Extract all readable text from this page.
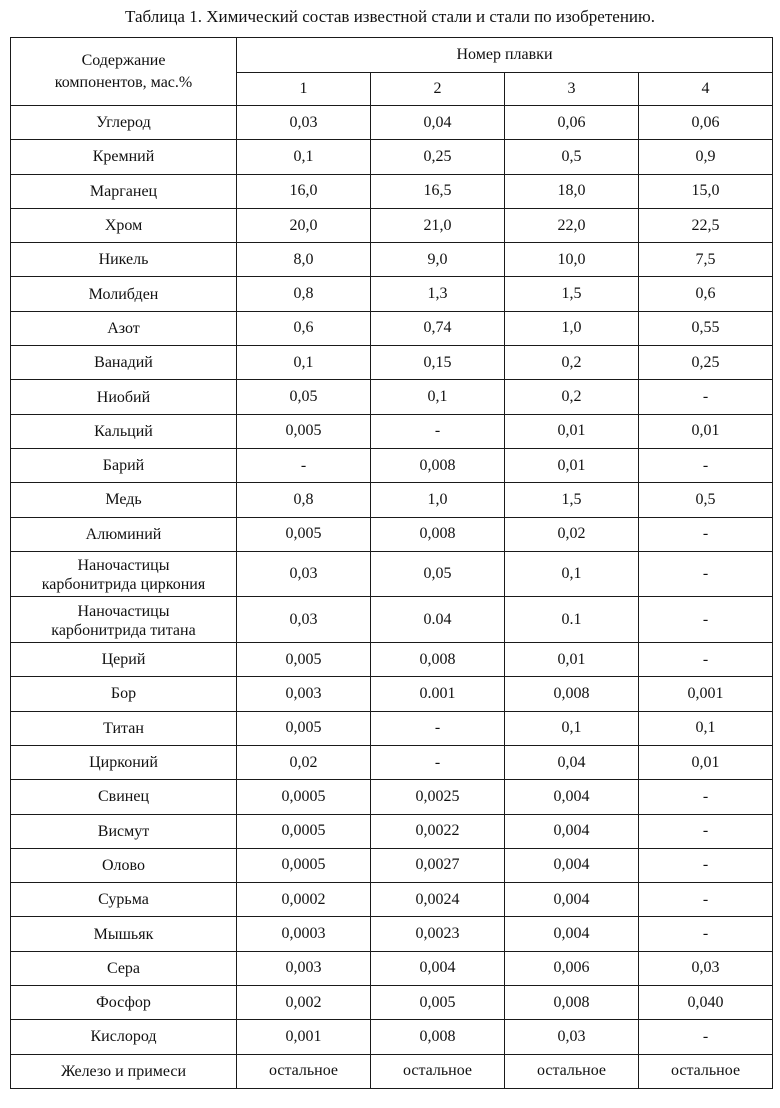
Таблица 1. Химический состав известной стали и стали по изобретению.
Содержание
компонентов, мас.%	Номер плавки			
	1	2	3	4
Углерод	0,03	0,04	0,06	0,06
Кремний	0,1	0,25	0,5	0,9
Марганец	16,0	16,5	18,0	15,0
Хром	20,0	21,0	22,0	22,5
Никель	8,0	9,0	10,0	7,5
Молибден	0,8	1,3	1,5	0,6
Азот	0,6	0,74	1,0	0,55
Ванадий	0,1	0,15	0,2	0,25
Ниобий	0,05	0,1	0,2	-
Кальций	0,005	-	0,01	0,01
Барий	-	0,008	0,01	-
Медь	0,8	1,0	1,5	0,5
Алюминий	0,005	0,008	0,02	-
Наночастицы
карбонитрида циркония	0,03	0,05	0,1	-
Наночастицы
карбонитрида титана	0,03	0.04	0.1	-
Церий	0,005	0,008	0,01	-
Бор	0,003	0.001	0,008	0,001
Титан	0,005	-	0,1	0,1
Цирконий	0,02	-	0,04	0,01
Свинец	0,0005	0,0025	0,004	-
Висмут	0,0005	0,0022	0,004	-
Олово	0,0005	0,0027	0,004	-
Сурьма	0,0002	0,0024	0,004	-
Мышьяк	0,0003	0,0023	0,004	-
Сера	0,003	0,004	0,006	0,03
Фосфор	0,002	0,005	0,008	0,040
Кислород	0,001	0,008	0,03	-
Железо и примеси	остальное	остальное	остальное	остальное
